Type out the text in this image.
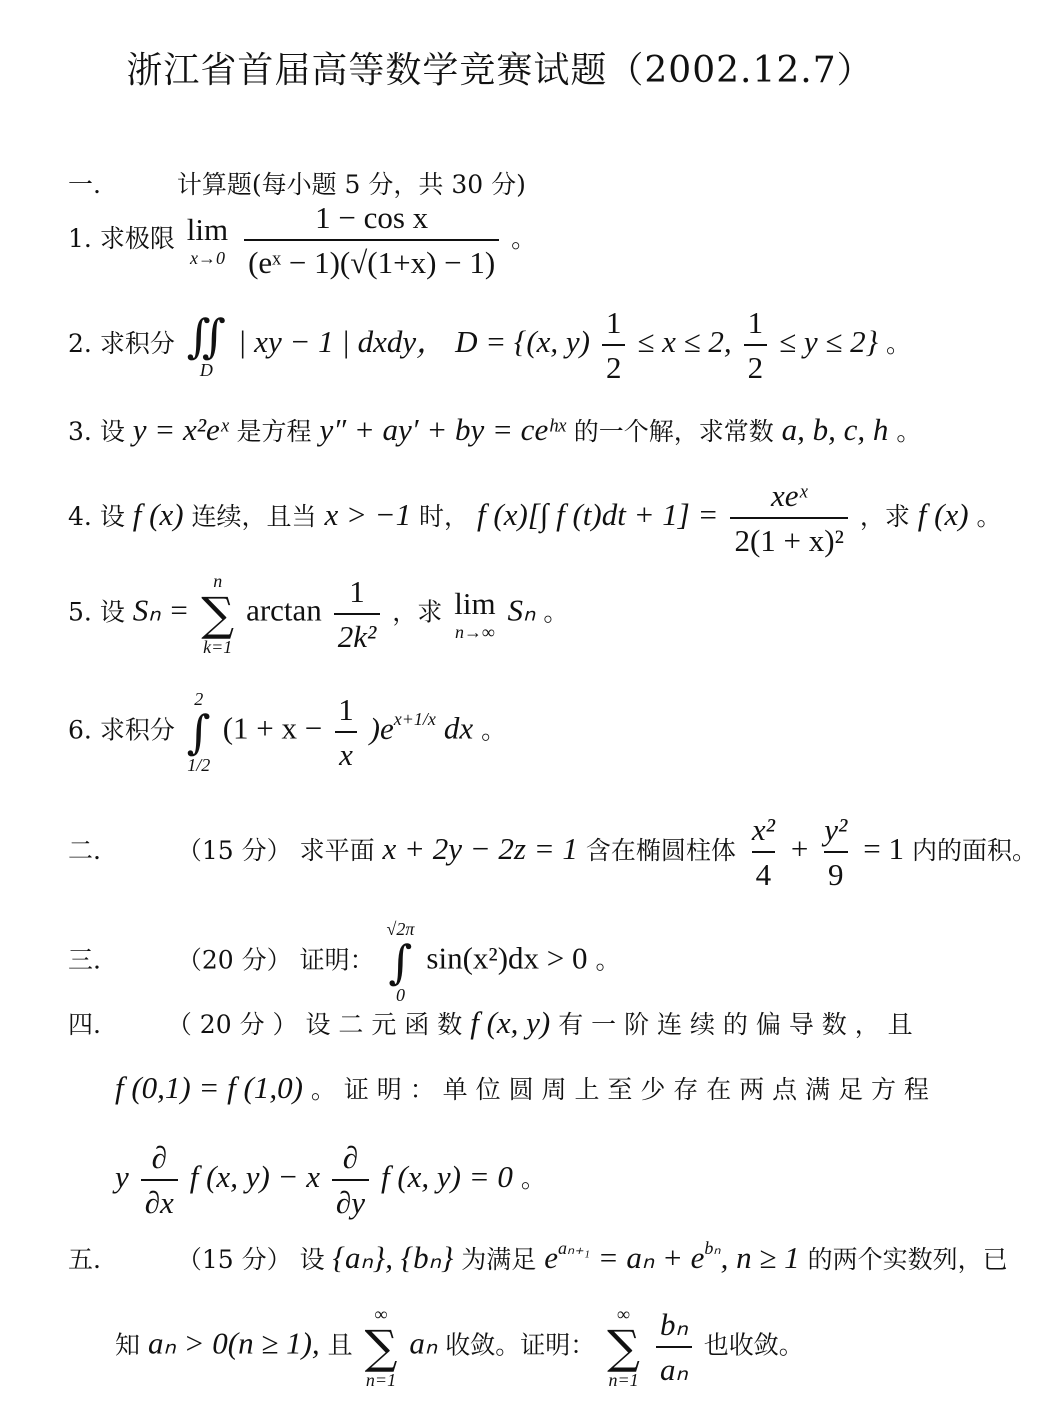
浙江省首届高等数学竞赛试题（2002.12.7）
一.	计算题(每小题 5 分，共 30 分)
1. 求极限 lim
x→0
$\frac{\text{1 − cos x}}{\text{(eˣ − 1)(√(1+x) − 1)}}$ 。
2. 求积分 ∬
D
| xy − 1 | dxdy， D = {(x, $y) \frac{1}{2} \le x \le 2$, $\frac{1}{2} \le y \le 2$} 。
3. 设 y = x²eˣ 是方程 y″ + ay′ + by = ceʰˣ 的一个解，求常数 a, b, c, h 。
4. 设 f (x) 连续，且当 x > −1 时， f (x)[∫ f $(t)dt + 1] = \frac{\text{xeˣ}}{\text{2(1 + x)²}}$ ，求 f (x) 。
5. 设 Sₙ =
n
∑
k=1
$\arctan \frac{1}{\text{2k²}}$ ，求 lim
n→∞
Sₙ 。
6. 求积分
2
∫
1/2
$(1 + x - \frac{1}{x} )e^{x+1/x}$ dx 。
二.	（15 分） 求平面 x + 2y − 2z = 1 含在椭圆柱体 $\frac{\text{x²}}{4} + \frac{\text{y²}}{9} = 1$ 内的面积。
三.	（20 分） 证明：
√2π
∫
0
sin(x²)dx > 0 。
四.	（ 20 分 ） 设 二 元 函 数 f (x, y) 有 一 阶 连 续 的 偏 导 数 ， 且
f (0,1) = f (1,0) 。 证 明 ： 单 位 圆 周 上 至 少 存 在 两 点 满 足 方 程
y $\frac{\partial}{\partial x}$ f (x, y) − x $\frac{\partial}{\partial y}$ f (x, y) = 0 。
五.	（15 分） 设 {aₙ}, {bₙ} 为满足 $e^{a_{n+1}} = a_n + e^{b_n}$, n ≥ 1 的两个实数列，已
知 aₙ > 0(n ≥ 1), 且
∞
∑
n=1
aₙ 收敛。证明：
∞
∑
n=1
$\frac{\text{bₙ}}{\text{aₙ}}$ 也收敛。
